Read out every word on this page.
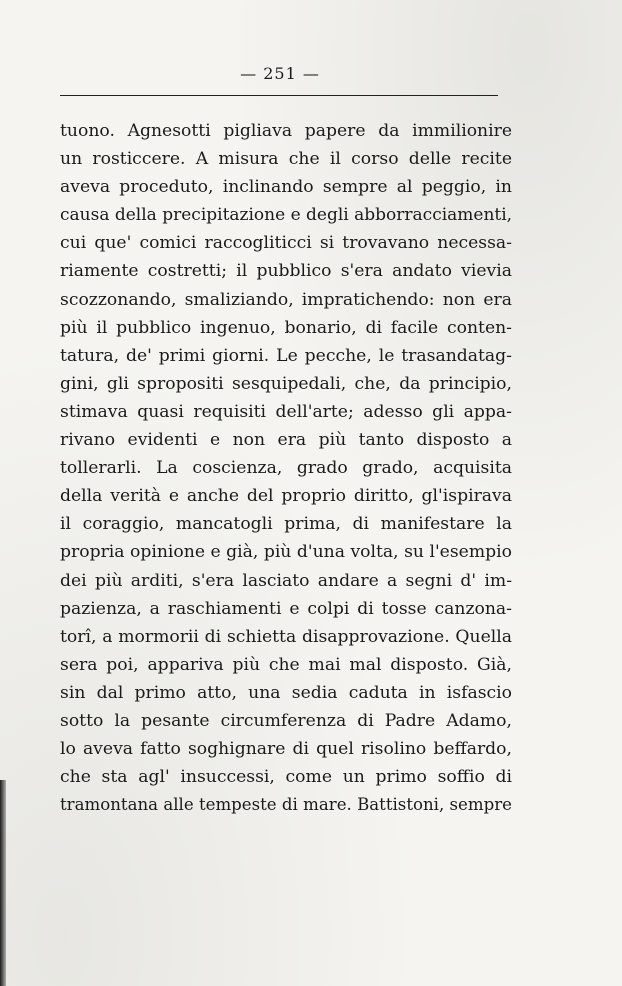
— 251 —
tuono. Agnesotti pigliava papere da immilionire
un rosticcere. A misura che il corso delle recite
aveva proceduto, inclinando sempre al peggio, in
causa della precipitazione e degli abborracciamenti,
cui que' comici raccogliticci si trovavano necessa-
riamente costretti; il pubblico s'era andato vievia
scozzonando, smaliziando, impratichendo: non era
più il pubblico ingenuo, bonario, di facile conten-
tatura, de' primi giorni. Le pecche, le trasandatag-
gini, gli spropositi sesquipedali, che, da principio,
stimava quasi requisiti dell'arte; adesso gli appa-
rivano evidenti e non era più tanto disposto a
tollerarli. La coscienza, grado grado, acquisita
della verità e anche del proprio diritto, gl'ispirava
il coraggio, mancatogli prima, di manifestare la
propria opinione e già, più d'una volta, su l'esempio
dei più arditi, s'era lasciato andare a segni d' im-
pazienza, a raschiamenti e colpi di tosse canzona-
torî, a mormorii di schietta disapprovazione. Quella
sera poi, appariva più che mai mal disposto. Già,
sin dal primo atto, una sedia caduta in isfascio
sotto la pesante circumferenza di Padre Adamo,
lo aveva fatto soghignare di quel risolino beffardo,
che sta agl' insuccessi, come un primo soffio di
tramontana alle tempeste di mare. Battistoni, sempre
